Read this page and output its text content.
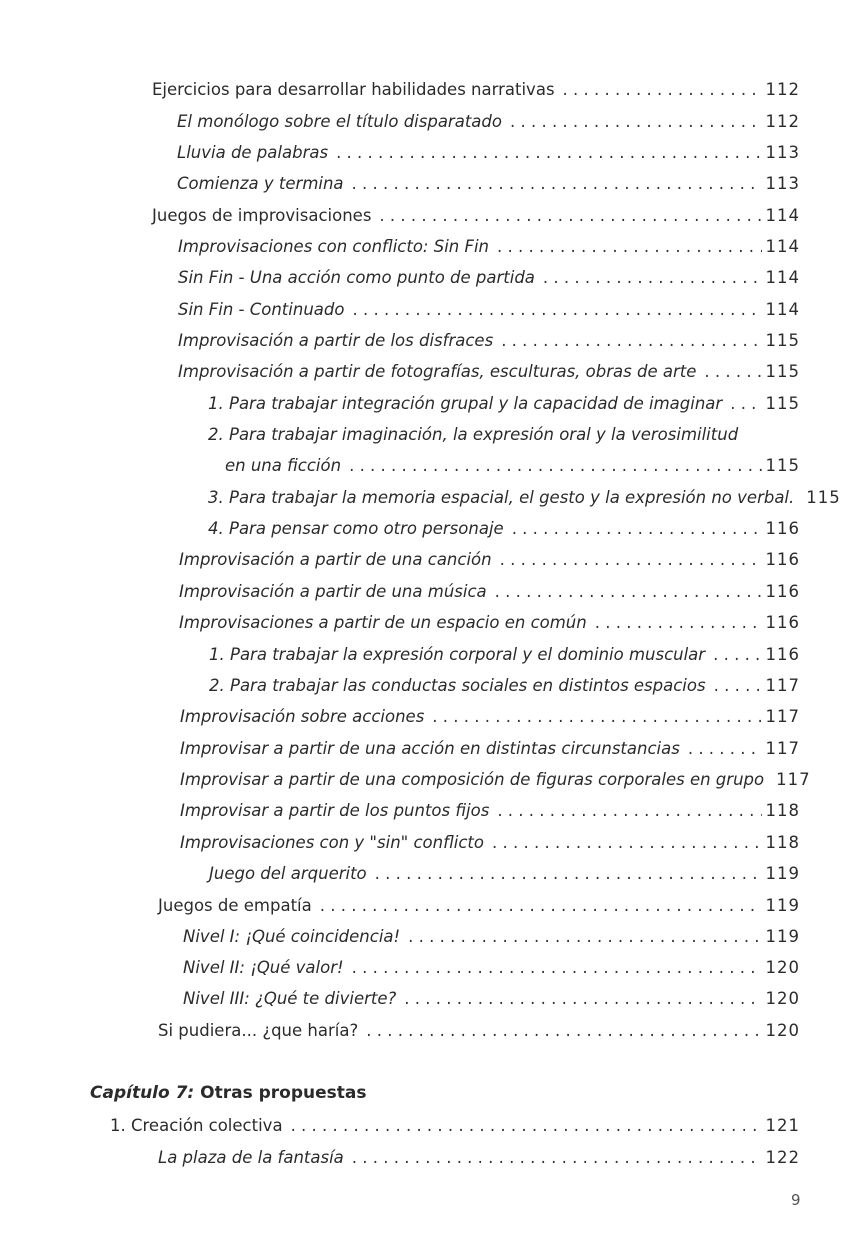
Ejercicios para desarrollar habilidades narrativas . . .	112
El monólogo sobre el título disparatado . . .	112
Lluvia de palabras . . .	113
Comienza y termina . . .	113
Juegos de improvisaciones . . .	114
Improvisaciones con conflicto: Sin Fin . . .	114
Sin Fin - Una acción como punto de partida . . .	114
Sin Fin - Continuado . . .	114
Improvisación a partir de los disfraces . . .	115
Improvisación a partir de fotografías, esculturas, obras de arte . . .	115
1. Para trabajar integración grupal y la capacidad de imaginar . . .	115
2. Para trabajar imaginación, la expresión oral y la verosimilitud
en una ficción . . .	115
3. Para trabajar la memoria espacial, el gesto y la expresión no verbal. 115
4. Para pensar como otro personaje . . .	116
Improvisación a partir de una canción . . .	116
Improvisación a partir de una música . . .	116
Improvisaciones a partir de un espacio en común . . .	116
1. Para trabajar la expresión corporal y el dominio muscular . . .	116
2. Para trabajar las conductas sociales en distintos espacios . . .	117
Improvisación sobre acciones . . .	117
Improvisar a partir de una acción en distintas circunstancias . . .	117
Improvisar a partir de una composición de figuras corporales en grupo 117
Improvisar a partir de los puntos fijos . . .	118
Improvisaciones con y "sin" conflicto . . .	118
Juego del arquerito . . .	119
Juegos de empatía . . .	119
Nivel I: ¡Qué coincidencia! . . .	119
Nivel II: ¡Qué valor! . . .	120
Nivel III: ¿Qué te divierte? . . .	120
Si pudiera... ¿que haría? . . .	120
Capítulo 7: Otras propuestas
1. Creación colectiva . . .	121
La plaza de la fantasía . . .	122
9
